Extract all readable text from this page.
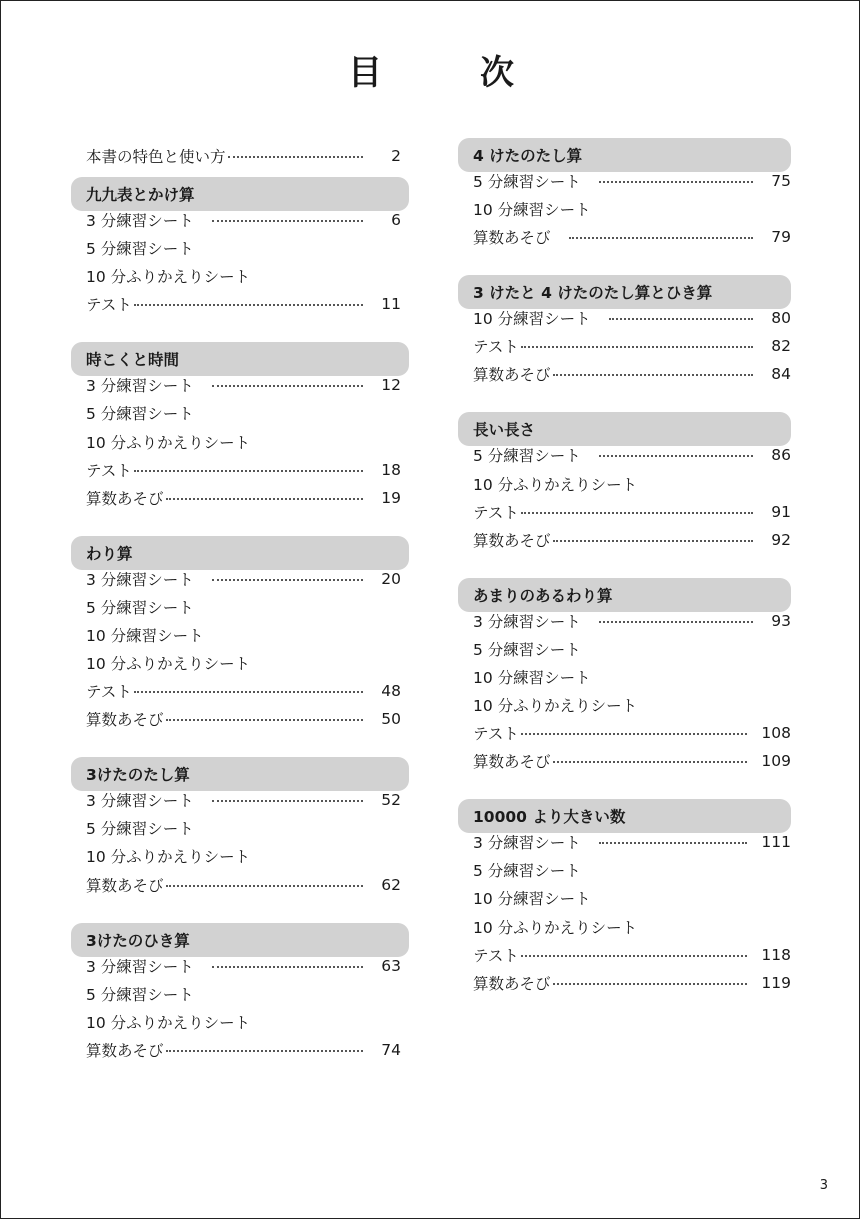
目　次
本書の特色と使い方	2
九九表とかけ算
3 分練習シート	6
5 分練習シート
10 分ふりかえりシート
テスト	11
時こくと時間
3 分練習シート	12
5 分練習シート
10 分ふりかえりシート
テスト	18
算数あそび	19
わり算
3 分練習シート	20
5 分練習シート
10 分練習シート
10 分ふりかえりシート
テスト	48
算数あそび	50
3けたのたし算
3 分練習シート	52
5 分練習シート
10 分ふりかえりシート
算数あそび	62
3けたのひき算
3 分練習シート	63
5 分練習シート
10 分ふりかえりシート
算数あそび	74
4 けたのたし算
5 分練習シート	75
10 分練習シート
算数あそび	79
3 けたと 4 けたのたし算とひき算
10 分練習シート	80
テスト	82
算数あそび	84
長い長さ
5 分練習シート	86
10 分ふりかえりシート
テスト	91
算数あそび	92
あまりのあるわり算
3 分練習シート	93
5 分練習シート
10 分練習シート
10 分ふりかえりシート
テスト	108
算数あそび	109
10000 より大きい数
3 分練習シート	111
5 分練習シート
10 分練習シート
10 分ふりかえりシート
テスト	118
算数あそび	119
3
